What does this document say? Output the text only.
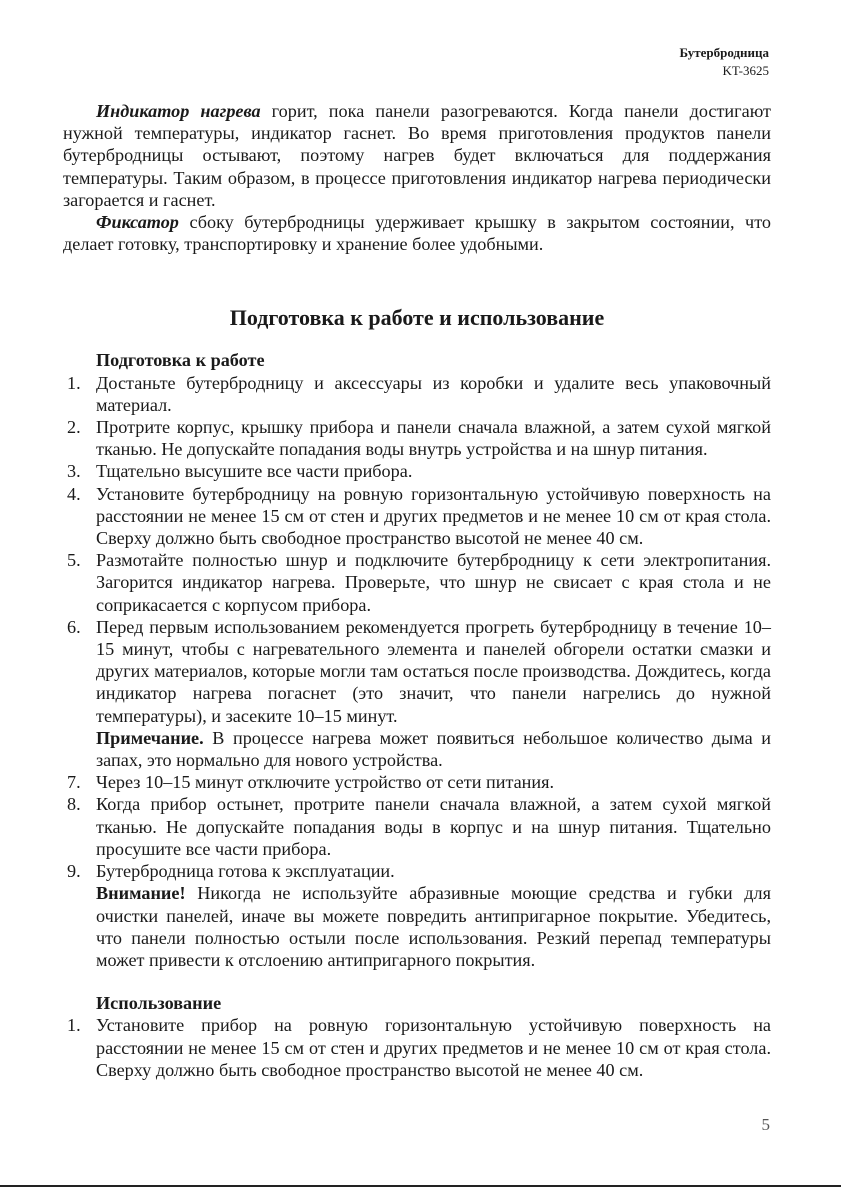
Бутербродница
KT-3625

Индикатор нагрева горит, пока панели разогреваются. Когда панели достигают нужной температуры, индикатор гаснет. Во время приготовления продуктов панели бутербродницы остывают, поэтому нагрев будет включаться для поддержания температуры. Таким образом, в процессе приготовления индикатор нагрева периодически загорается и гаснет.

Фиксатор сбоку бутербродницы удерживает крышку в закрытом состоянии, что делает готовку, транспортировку и хранение более удобными.

Подготовка к работе и использование
Подготовка к работе
1. Достаньте бутербродницу и аксессуары из коробки и удалите весь упаковочный материал.
2. Протрите корпус, крышку прибора и панели сначала влажной, а затем сухой мягкой тканью. Не допускайте попадания воды внутрь устройства и на шнур питания.
3. Тщательно высушите все части прибора.
4. Установите бутербродницу на ровную горизонтальную устойчивую поверхность на расстоянии не менее 15 см от стен и других предметов и не менее 10 см от края стола. Сверху должно быть свободное пространство высотой не менее 40 см.
5. Размотайте полностью шнур и подключите бутербродницу к сети электропитания. Загорится индикатор нагрева. Проверьте, что шнур не свисает с края стола и не соприкасается с корпусом прибора.
6. Перед первым использованием рекомендуется прогреть бутербродницу в течение 10–15 минут, чтобы с нагревательного элемента и панелей обгорели остатки смазки и других материалов, которые могли там остаться после производства. Дождитесь, когда индикатор нагрева погаснет (это значит, что панели нагрелись до нужной температуры), и засеките 10–15 минут.

Примечание. В процессе нагрева может появиться небольшое количество дыма и запах, это нормально для нового устройства.

7. Через 10–15 минут отключите устройство от сети питания.
8. Когда прибор остынет, протрите панели сначала влажной, а затем сухой мягкой тканью. Не допускайте попадания воды в корпус и на шнур питания. Тщательно просушите все части прибора.
9. Бутербродница готова к эксплуатации.

Внимание! Никогда не используйте абразивные моющие средства и губки для очистки панелей, иначе вы можете повредить антипригарное покрытие. Убедитесь, что панели полностью остыли после использования. Резкий перепад температуры может привести к отслоению антипригарного покрытия.

Использование
1. Установите прибор на ровную горизонтальную устойчивую поверхность на расстоянии не менее 15 см от стен и других предметов и не менее 10 см от края стола. Сверху должно быть свободное пространство высотой не менее 40 см.
5
